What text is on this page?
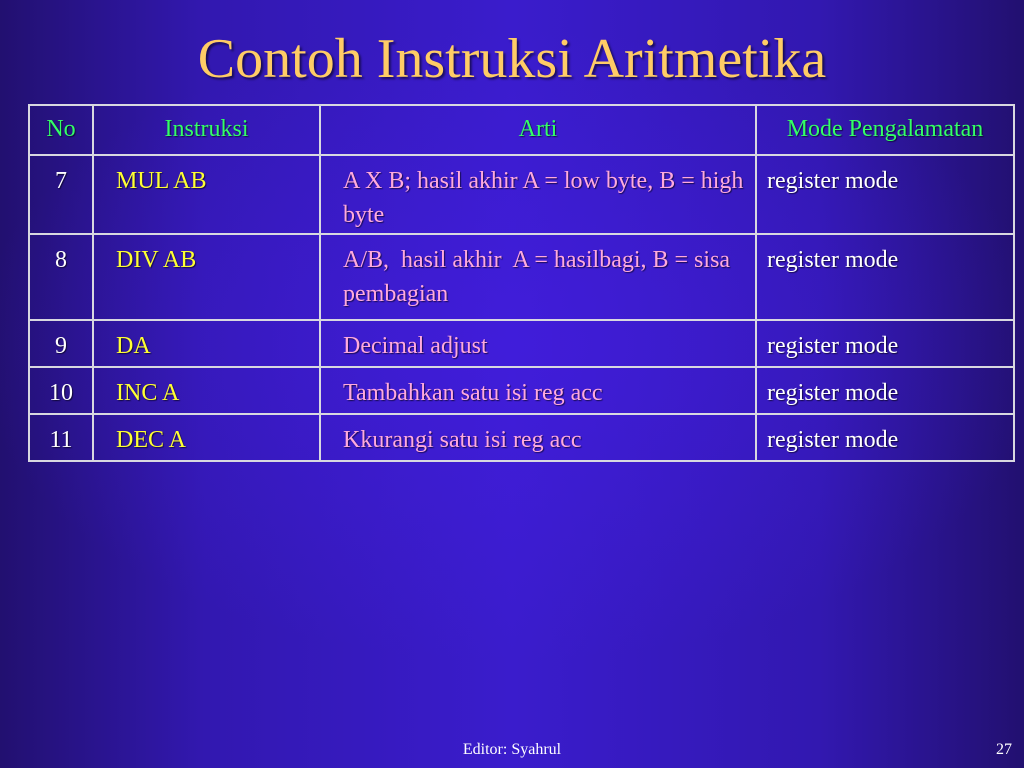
Contoh Instruksi Aritmetika
No	Instruksi	Arti	Mode Pengalamatan
7	MUL AB	A X B; hasil akhir A = low byte, B = high byte	register mode
8	DIV AB	A/B,  hasil akhir  A = hasilbagi, B = sisa pembagian	register mode
9	DA	Decimal adjust	register mode
10	INC A	Tambahkan satu isi reg acc	register mode
11	DEC A	Kkurangi satu isi reg acc	register mode
Editor: Syahrul	27
